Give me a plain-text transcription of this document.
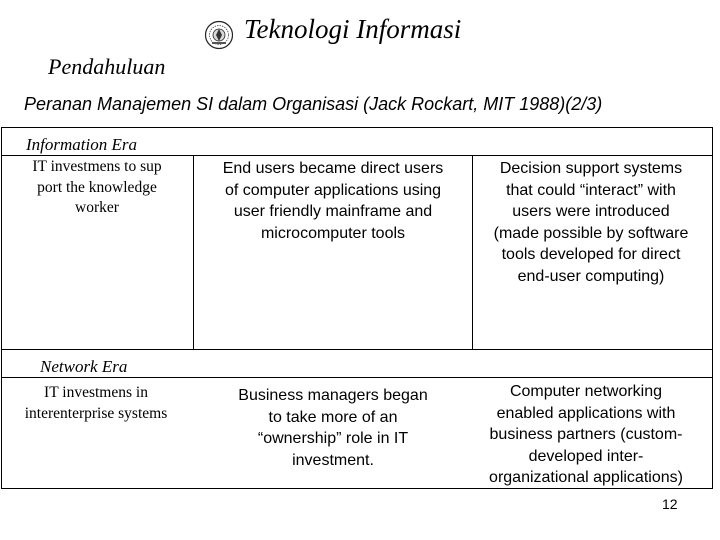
Teknologi Informasi
Pendahuluan
Peranan Manajemen SI dalam Organisasi (Jack Rockart, MIT 1988)(2/3)
Information Era
IT investmens to sup
port the knowledge
worker
End users became direct users
of computer applications using
user friendly mainframe and
microcomputer tools
Decision support systems
that could “interact” with
users were introduced
(made possible by software
tools developed for direct
end-user computing)
Network Era
IT investmens in
interenterprise systems
Business managers began
to take more of an
“ownership” role in IT
investment.
Computer networking
enabled applications with
business partners (custom-
developed inter-
organizational applications)
12
